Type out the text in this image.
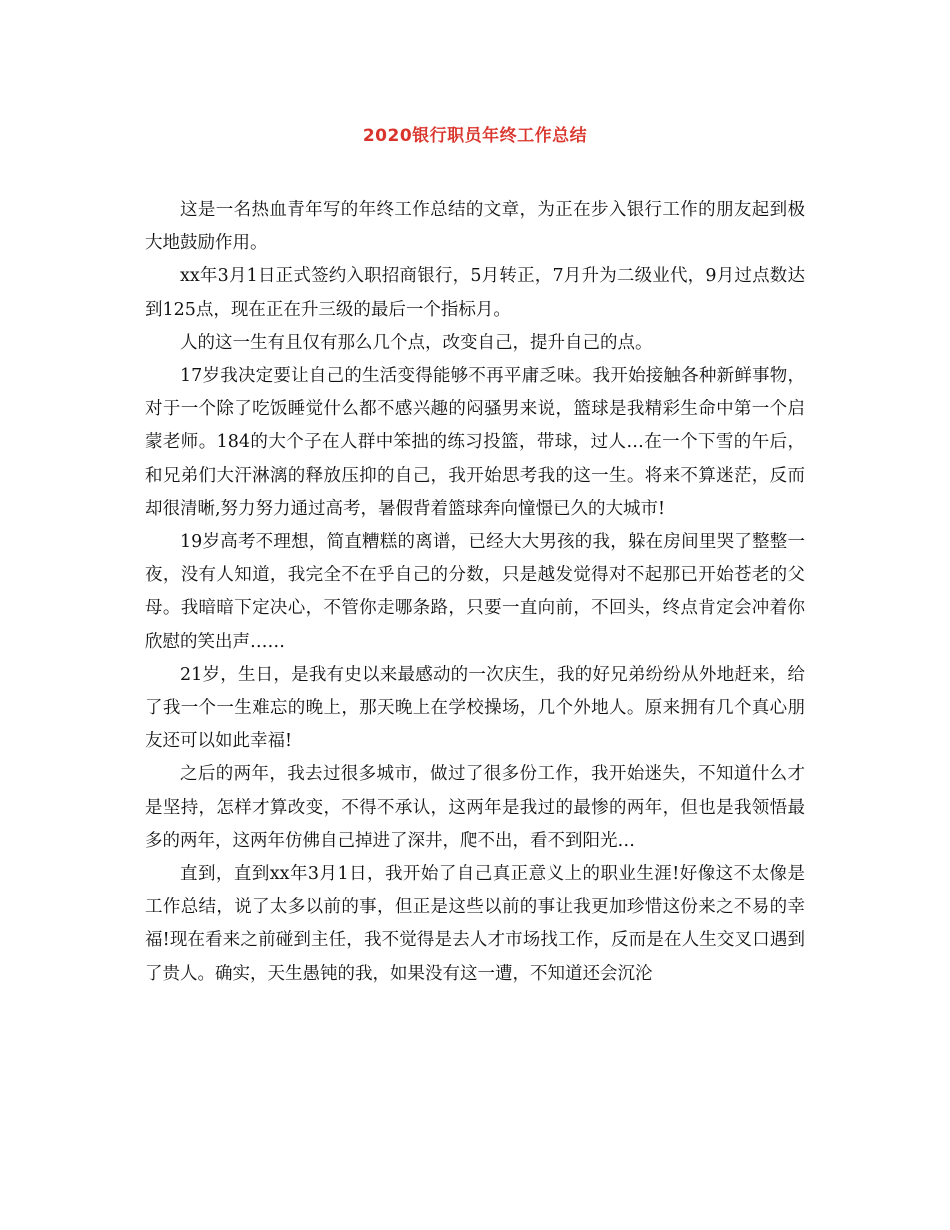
2020银行职员年终工作总结

这是一名热血青年写的年终工作总结的文章，为正在步入银行工作的朋友起到极大地鼓励作用。

xx年3月1日正式签约入职招商银行，5月转正，7月升为二级业代，9月过点数达到125点，现在正在升三级的最后一个指标月。

人的这一生有且仅有那么几个点，改变自己，提升自己的点。

17岁我决定要让自己的生活变得能够不再平庸乏味。我开始接触各种新鲜事物，对于一个除了吃饭睡觉什么都不感兴趣的闷骚男来说，篮球是我精彩生命中第一个启蒙老师。184的大个子在人群中笨拙的练习投篮，带球，过人…在一个下雪的午后，和兄弟们大汗淋漓的释放压抑的自己，我开始思考我的这一生。将来不算迷茫，反而却很清晰,努力努力通过高考，暑假背着篮球奔向憧憬已久的大城市!

19岁高考不理想，简直糟糕的离谱，已经大大男孩的我，躲在房间里哭了整整一夜，没有人知道，我完全不在乎自己的分数，只是越发觉得对不起那已开始苍老的父母。我暗暗下定决心，不管你走哪条路，只要一直向前，不回头，终点肯定会冲着你欣慰的笑出声……

21岁，生日，是我有史以来最感动的一次庆生，我的好兄弟纷纷从外地赶来，给了我一个一生难忘的晚上，那天晚上在学校操场，几个外地人。原来拥有几个真心朋友还可以如此幸福!

之后的两年，我去过很多城市，做过了很多份工作，我开始迷失，不知道什么才是坚持，怎样才算改变，不得不承认，这两年是我过的最惨的两年，但也是我领悟最多的两年，这两年仿佛自己掉进了深井，爬不出，看不到阳光…

直到，直到xx年3月1日，我开始了自己真正意义上的职业生涯!好像这不太像是工作总结，说了太多以前的事，但正是这些以前的事让我更加珍惜这份来之不易的幸福!现在看来之前碰到主任，我不觉得是去人才市场找工作，反而是在人生交叉口遇到了贵人。确实，天生愚钝的我，如果没有这一遭，不知道还会沉沦
